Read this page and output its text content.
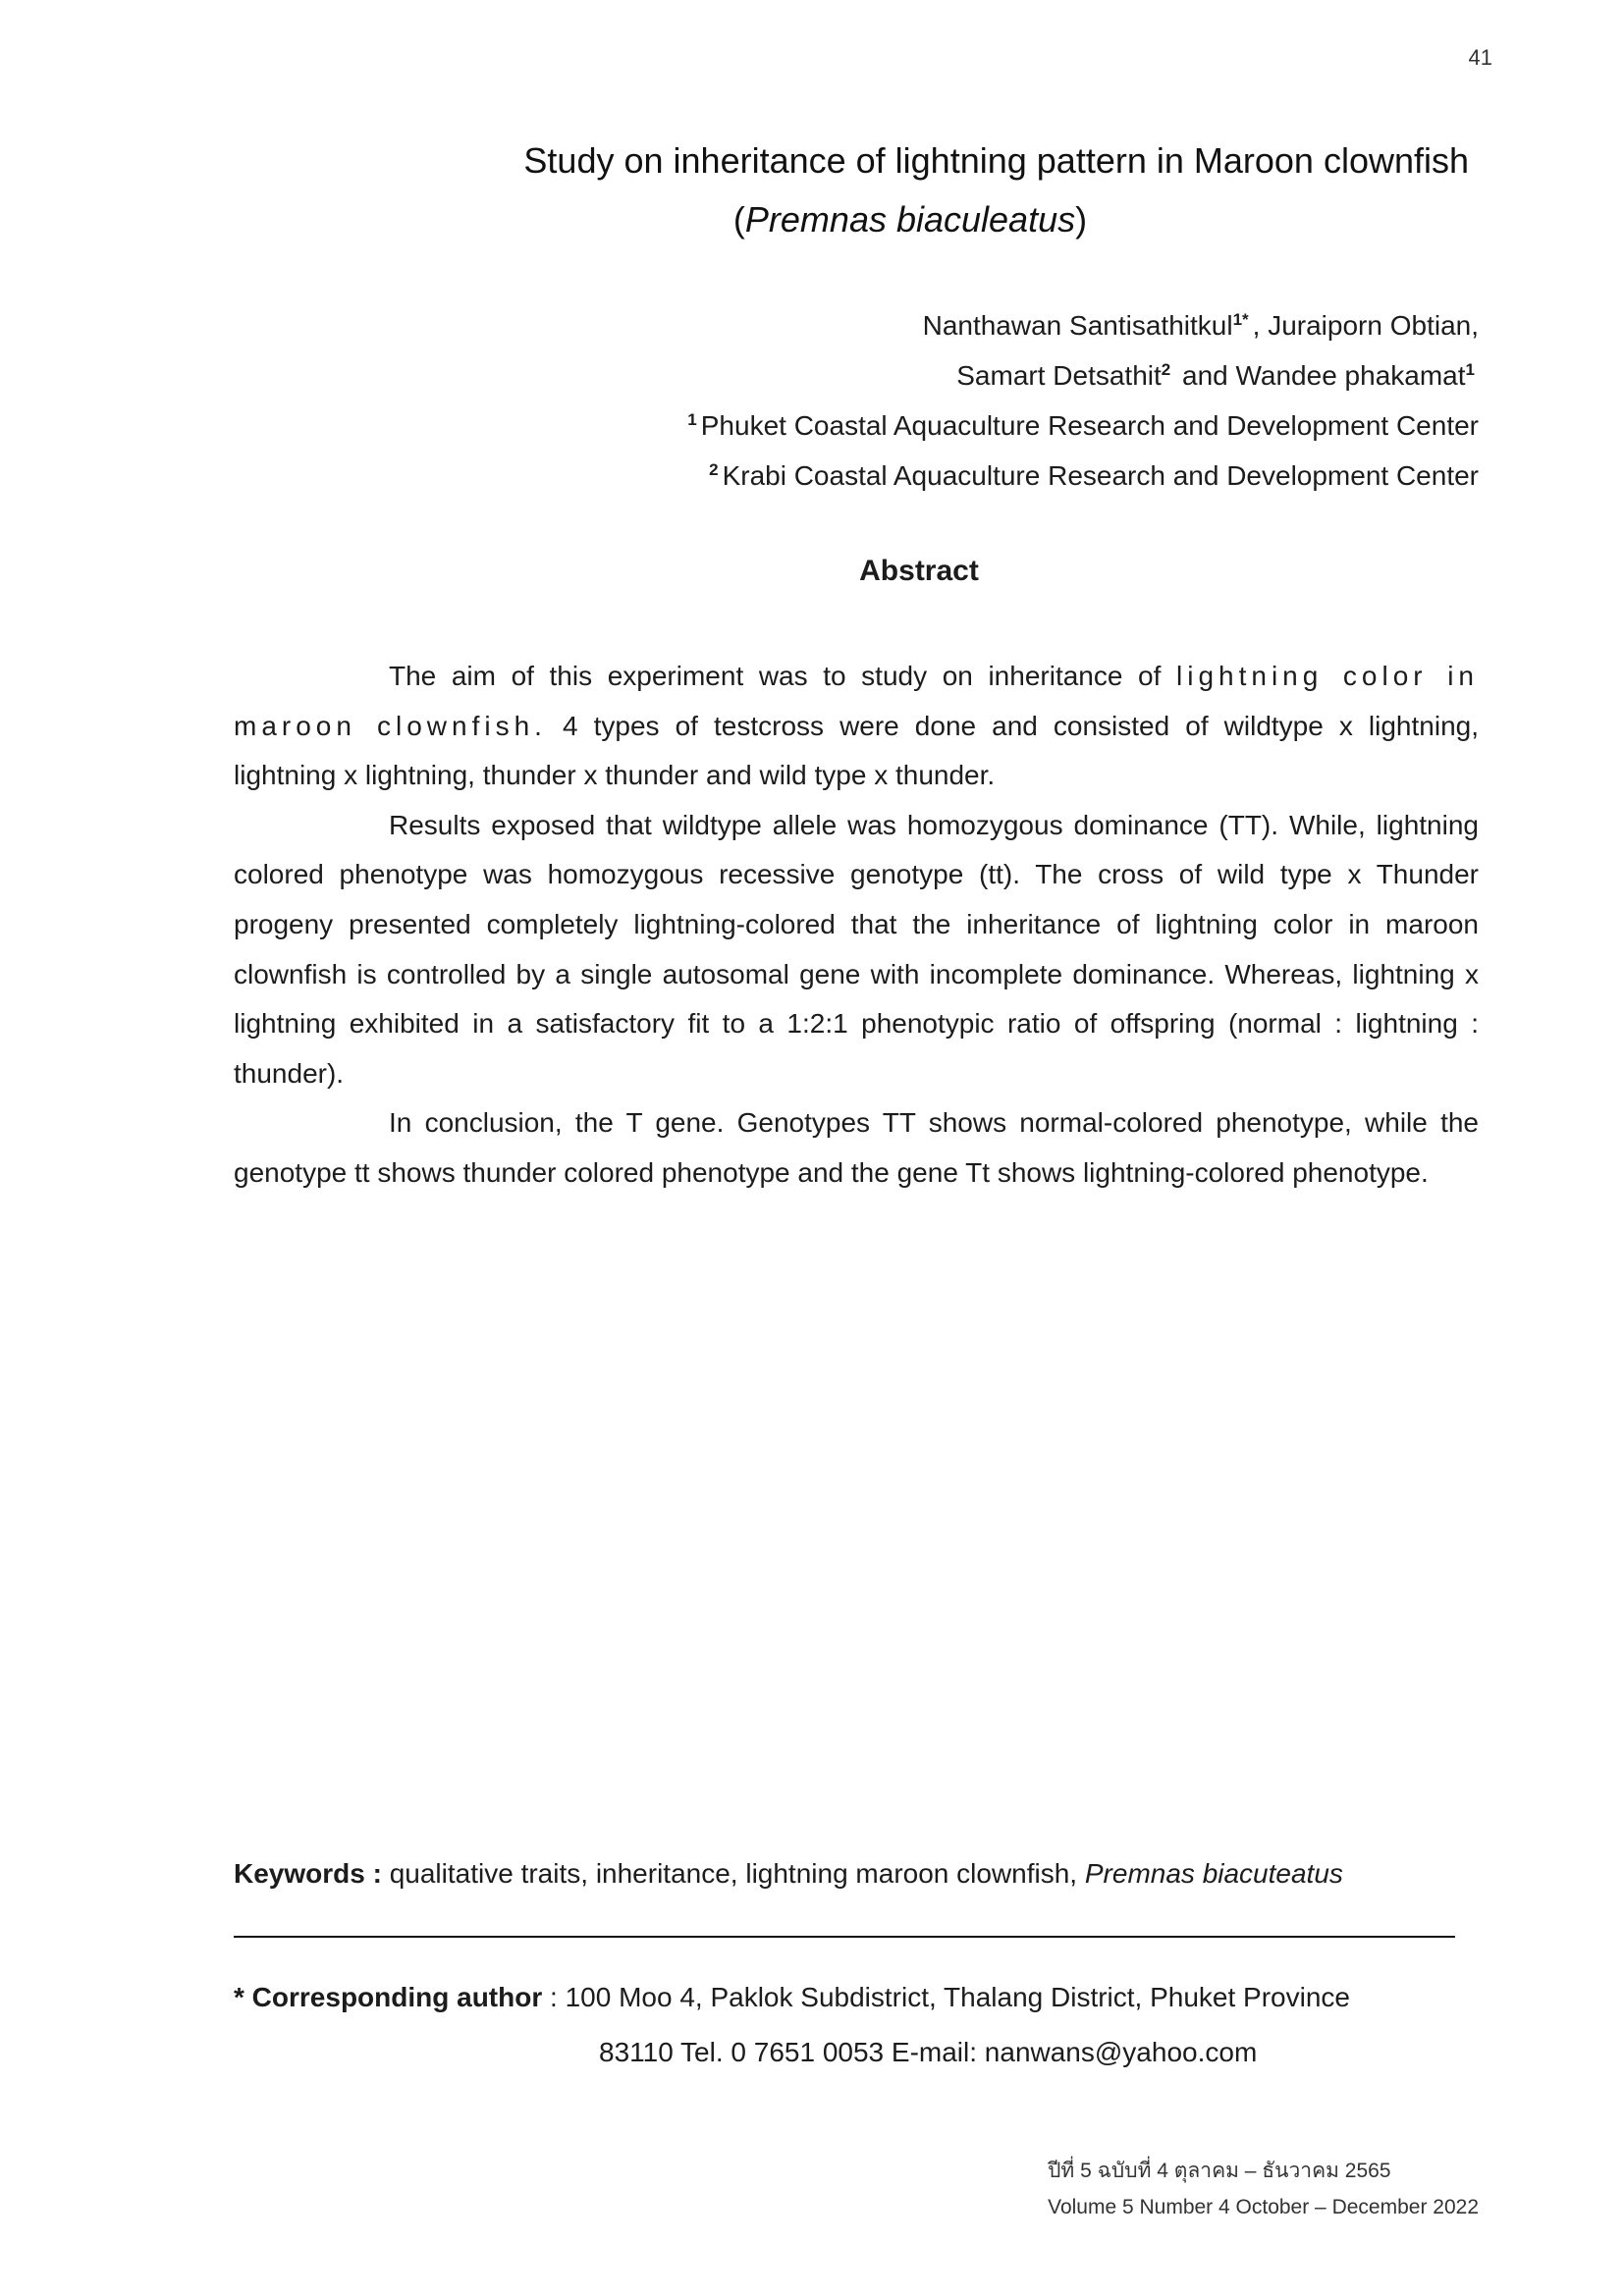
41
Study on inheritance of lightning pattern in Maroon clownfish
(Premnas biaculeatus)
Nanthawan Santisathitkul$^{1*}$ , Juraiporn Obtian,
Samart Detsathit$^2$ and Wandee phakamat$^1$
$^1$ Phuket Coastal Aquaculture Research and Development Center
$^2$ Krabi Coastal Aquaculture Research and Development Center
Abstract

The aim of this experiment was to study on inheritance of lightning color in maroon clownfish. 4 types of testcross were done and consisted of wildtype x lightning, lightning x lightning, thunder x thunder and wild type x thunder.

Results exposed that wildtype allele was homozygous dominance (TT). While, lightning colored phenotype was homozygous recessive genotype (tt). The cross of wild type x Thunder progeny presented completely lightning-colored that the inheritance of lightning color in maroon clownfish is controlled by a single autosomal gene with incomplete dominance. Whereas, lightning x lightning exhibited in a satisfactory fit to a 1:2:1 phenotypic ratio of offspring (normal : lightning : thunder).

In conclusion, the T gene. Genotypes TT shows normal-colored phenotype, while the genotype tt shows thunder colored phenotype and the gene Tt shows lightning-colored phenotype.

Keywords : qualitative traits, inheritance, lightning maroon clownfish, Premnas biacuteatus
* Corresponding author : 100 Moo 4, Paklok Subdistrict, Thalang District, Phuket Province
83110 Tel. 0 7651 0053 E-mail: nanwans@yahoo.com
ปีที่ 5 ฉบับที่ 4 ตุลาคม – ธันวาคม 2565
Volume 5 Number 4 October – December 2022
